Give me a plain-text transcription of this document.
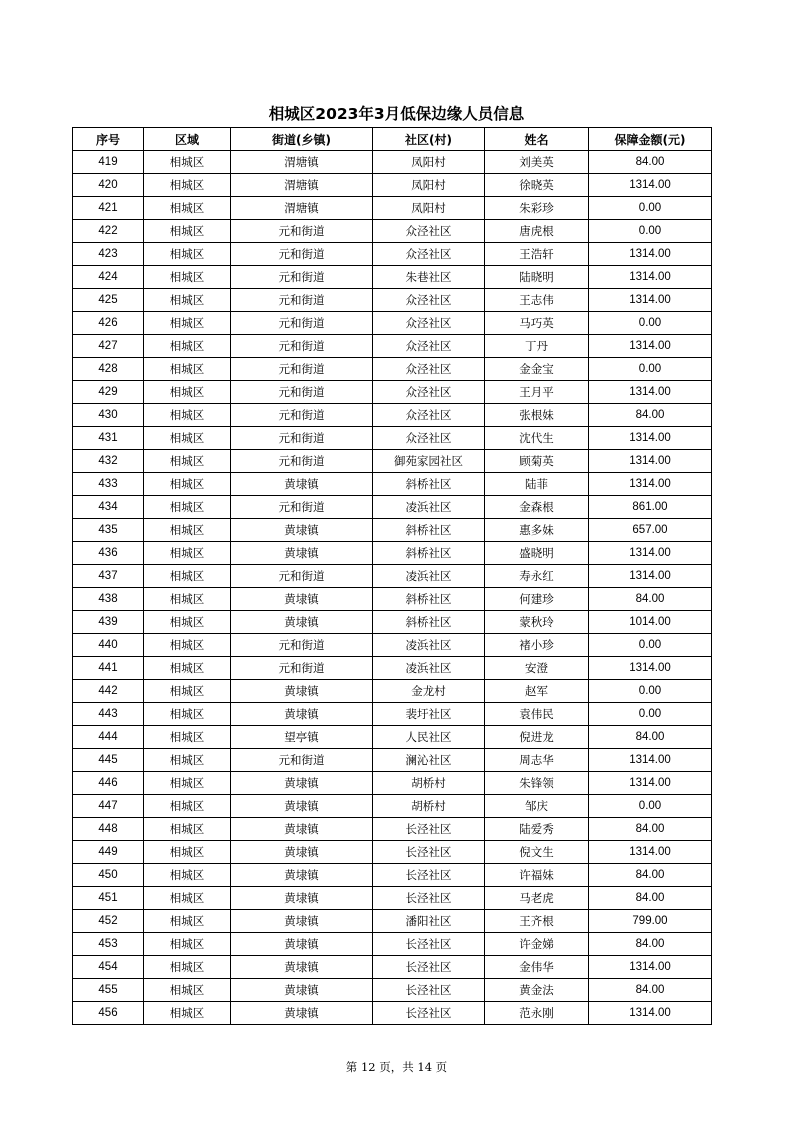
相城区2023年3月低保边缘人员信息
序号	区域	街道(乡镇)	社区(村)	姓名	保障金额(元)
419	相城区	渭塘镇	凤阳村	刘美英	84.00
420	相城区	渭塘镇	凤阳村	徐晓英	1314.00
421	相城区	渭塘镇	凤阳村	朱彩珍	0.00
422	相城区	元和街道	众泾社区	唐虎根	0.00
423	相城区	元和街道	众泾社区	王浩轩	1314.00
424	相城区	元和街道	朱巷社区	陆晓明	1314.00
425	相城区	元和街道	众泾社区	王志伟	1314.00
426	相城区	元和街道	众泾社区	马巧英	0.00
427	相城区	元和街道	众泾社区	丁丹	1314.00
428	相城区	元和街道	众泾社区	金金宝	0.00
429	相城区	元和街道	众泾社区	王月平	1314.00
430	相城区	元和街道	众泾社区	张根妹	84.00
431	相城区	元和街道	众泾社区	沈代生	1314.00
432	相城区	元和街道	御苑家园社区	顾菊英	1314.00
433	相城区	黄埭镇	斜桥社区	陆菲	1314.00
434	相城区	元和街道	凌浜社区	金森根	861.00
435	相城区	黄埭镇	斜桥社区	惠多妹	657.00
436	相城区	黄埭镇	斜桥社区	盛晓明	1314.00
437	相城区	元和街道	凌浜社区	寿永红	1314.00
438	相城区	黄埭镇	斜桥社区	何建珍	84.00
439	相城区	黄埭镇	斜桥社区	蒙秋玲	1014.00
440	相城区	元和街道	凌浜社区	褚小珍	0.00
441	相城区	元和街道	凌浜社区	安澄	1314.00
442	相城区	黄埭镇	金龙村	赵军	0.00
443	相城区	黄埭镇	裴圩社区	袁伟民	0.00
444	相城区	望亭镇	人民社区	倪进龙	84.00
445	相城区	元和街道	澜沁社区	周志华	1314.00
446	相城区	黄埭镇	胡桥村	朱锋领	1314.00
447	相城区	黄埭镇	胡桥村	邹庆	0.00
448	相城区	黄埭镇	长泾社区	陆爱秀	84.00
449	相城区	黄埭镇	长泾社区	倪文生	1314.00
450	相城区	黄埭镇	长泾社区	许福妹	84.00
451	相城区	黄埭镇	长泾社区	马老虎	84.00
452	相城区	黄埭镇	潘阳社区	王齐根	799.00
453	相城区	黄埭镇	长泾社区	许金娣	84.00
454	相城区	黄埭镇	长泾社区	金伟华	1314.00
455	相城区	黄埭镇	长泾社区	黄金法	84.00
456	相城区	黄埭镇	长泾社区	范永刚	1314.00
第 12 页，共 14 页
